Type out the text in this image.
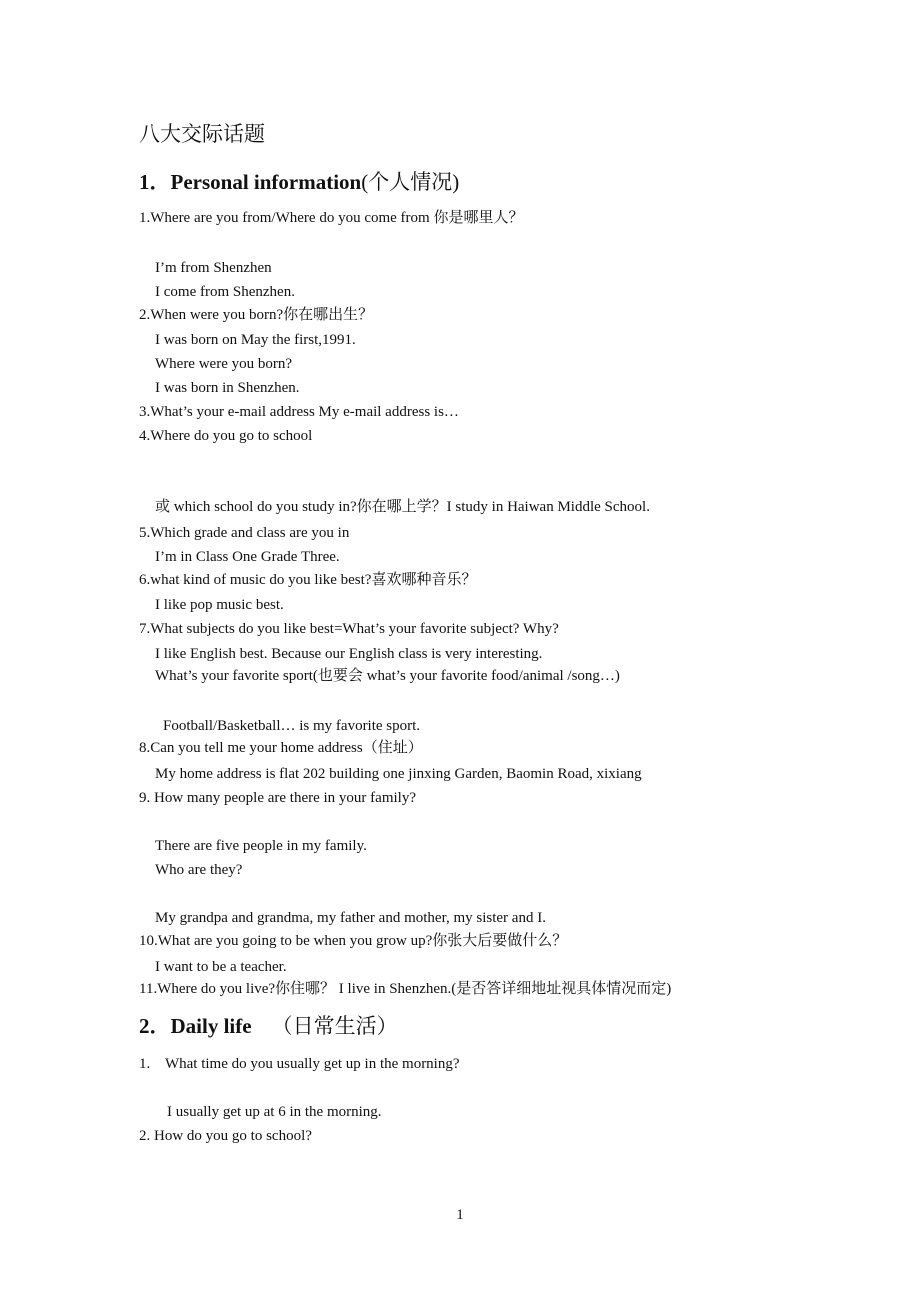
八大交际话题
1．Personal information(个人情况)
1.Where are you from/Where do you come from 你是哪里人？
I’m from Shenzhen
I come from Shenzhen.
2.When were you born?你在哪出生？
I was born on May the first,1991.
Where were you born?
I was born in Shenzhen.
3.What’s your e-mail address My e-mail address is…
4.Where do you go to school
或 which school do you study in?你在哪上学？I study in Haiwan Middle School.
5.Which grade and class are you in
I’m in Class One Grade Three.
6.what kind of music do you like best?喜欢哪种音乐？
I like pop music best.
7.What subjects do you like best=What’s your favorite subject? Why?
I like English best. Because our English class is very interesting.
What’s your favorite sport(也要会 what’s your favorite food/animal /song…)
Football/Basketball… is my favorite sport.
8.Can you tell me your home address（住址）
My home address is flat 202 building one jinxing Garden, Baomin Road, xixiang
9. How many people are there in your family?
There are five people in my family.
Who are they?
My grandpa and grandma, my father and mother, my sister and I.
10.What are you going to be when you grow up?你张大后要做什么？
I want to be a teacher.
11.Where do you live?你住哪？ I live in Shenzhen.(是否答详细地址视具体情况而定)
2．Daily life （日常生活）
1.    What time do you usually get up in the morning?
I usually get up at 6 in the morning.
2. How do you go to school?
1
